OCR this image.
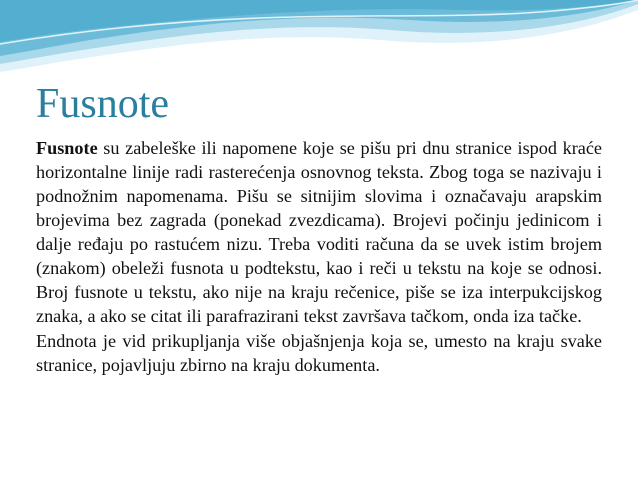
Fusnote

Fusnote su zabeleške ili napomene koje se pišu pri dnu stranice ispod kraće horizontalne linije radi rasterećenja osnovnog teksta. Zbog toga se nazivaju i podnožnim napomenama. Pišu se sitnijim slovima i označavaju arapskim brojevima bez zagrada (ponekad zvezdicama). Brojevi počinju jedinicom i dalje ređaju po rastućem nizu. Treba voditi računa da se uvek istim brojem (znakom) obeleži fusnota u podtekstu, kao i reči u tekstu na koje se odnosi. Broj fusnote u tekstu, ako nije na kraju rečenice, piše se iza interpukcijskog znaka, a ako se citat ili parafrazirani tekst završava tačkom, onda iza tačke.

Endnota je vid prikupljanja više objašnjenja koja se, umesto na kraju svake stranice, pojavljuju zbirno na kraju dokumenta.
